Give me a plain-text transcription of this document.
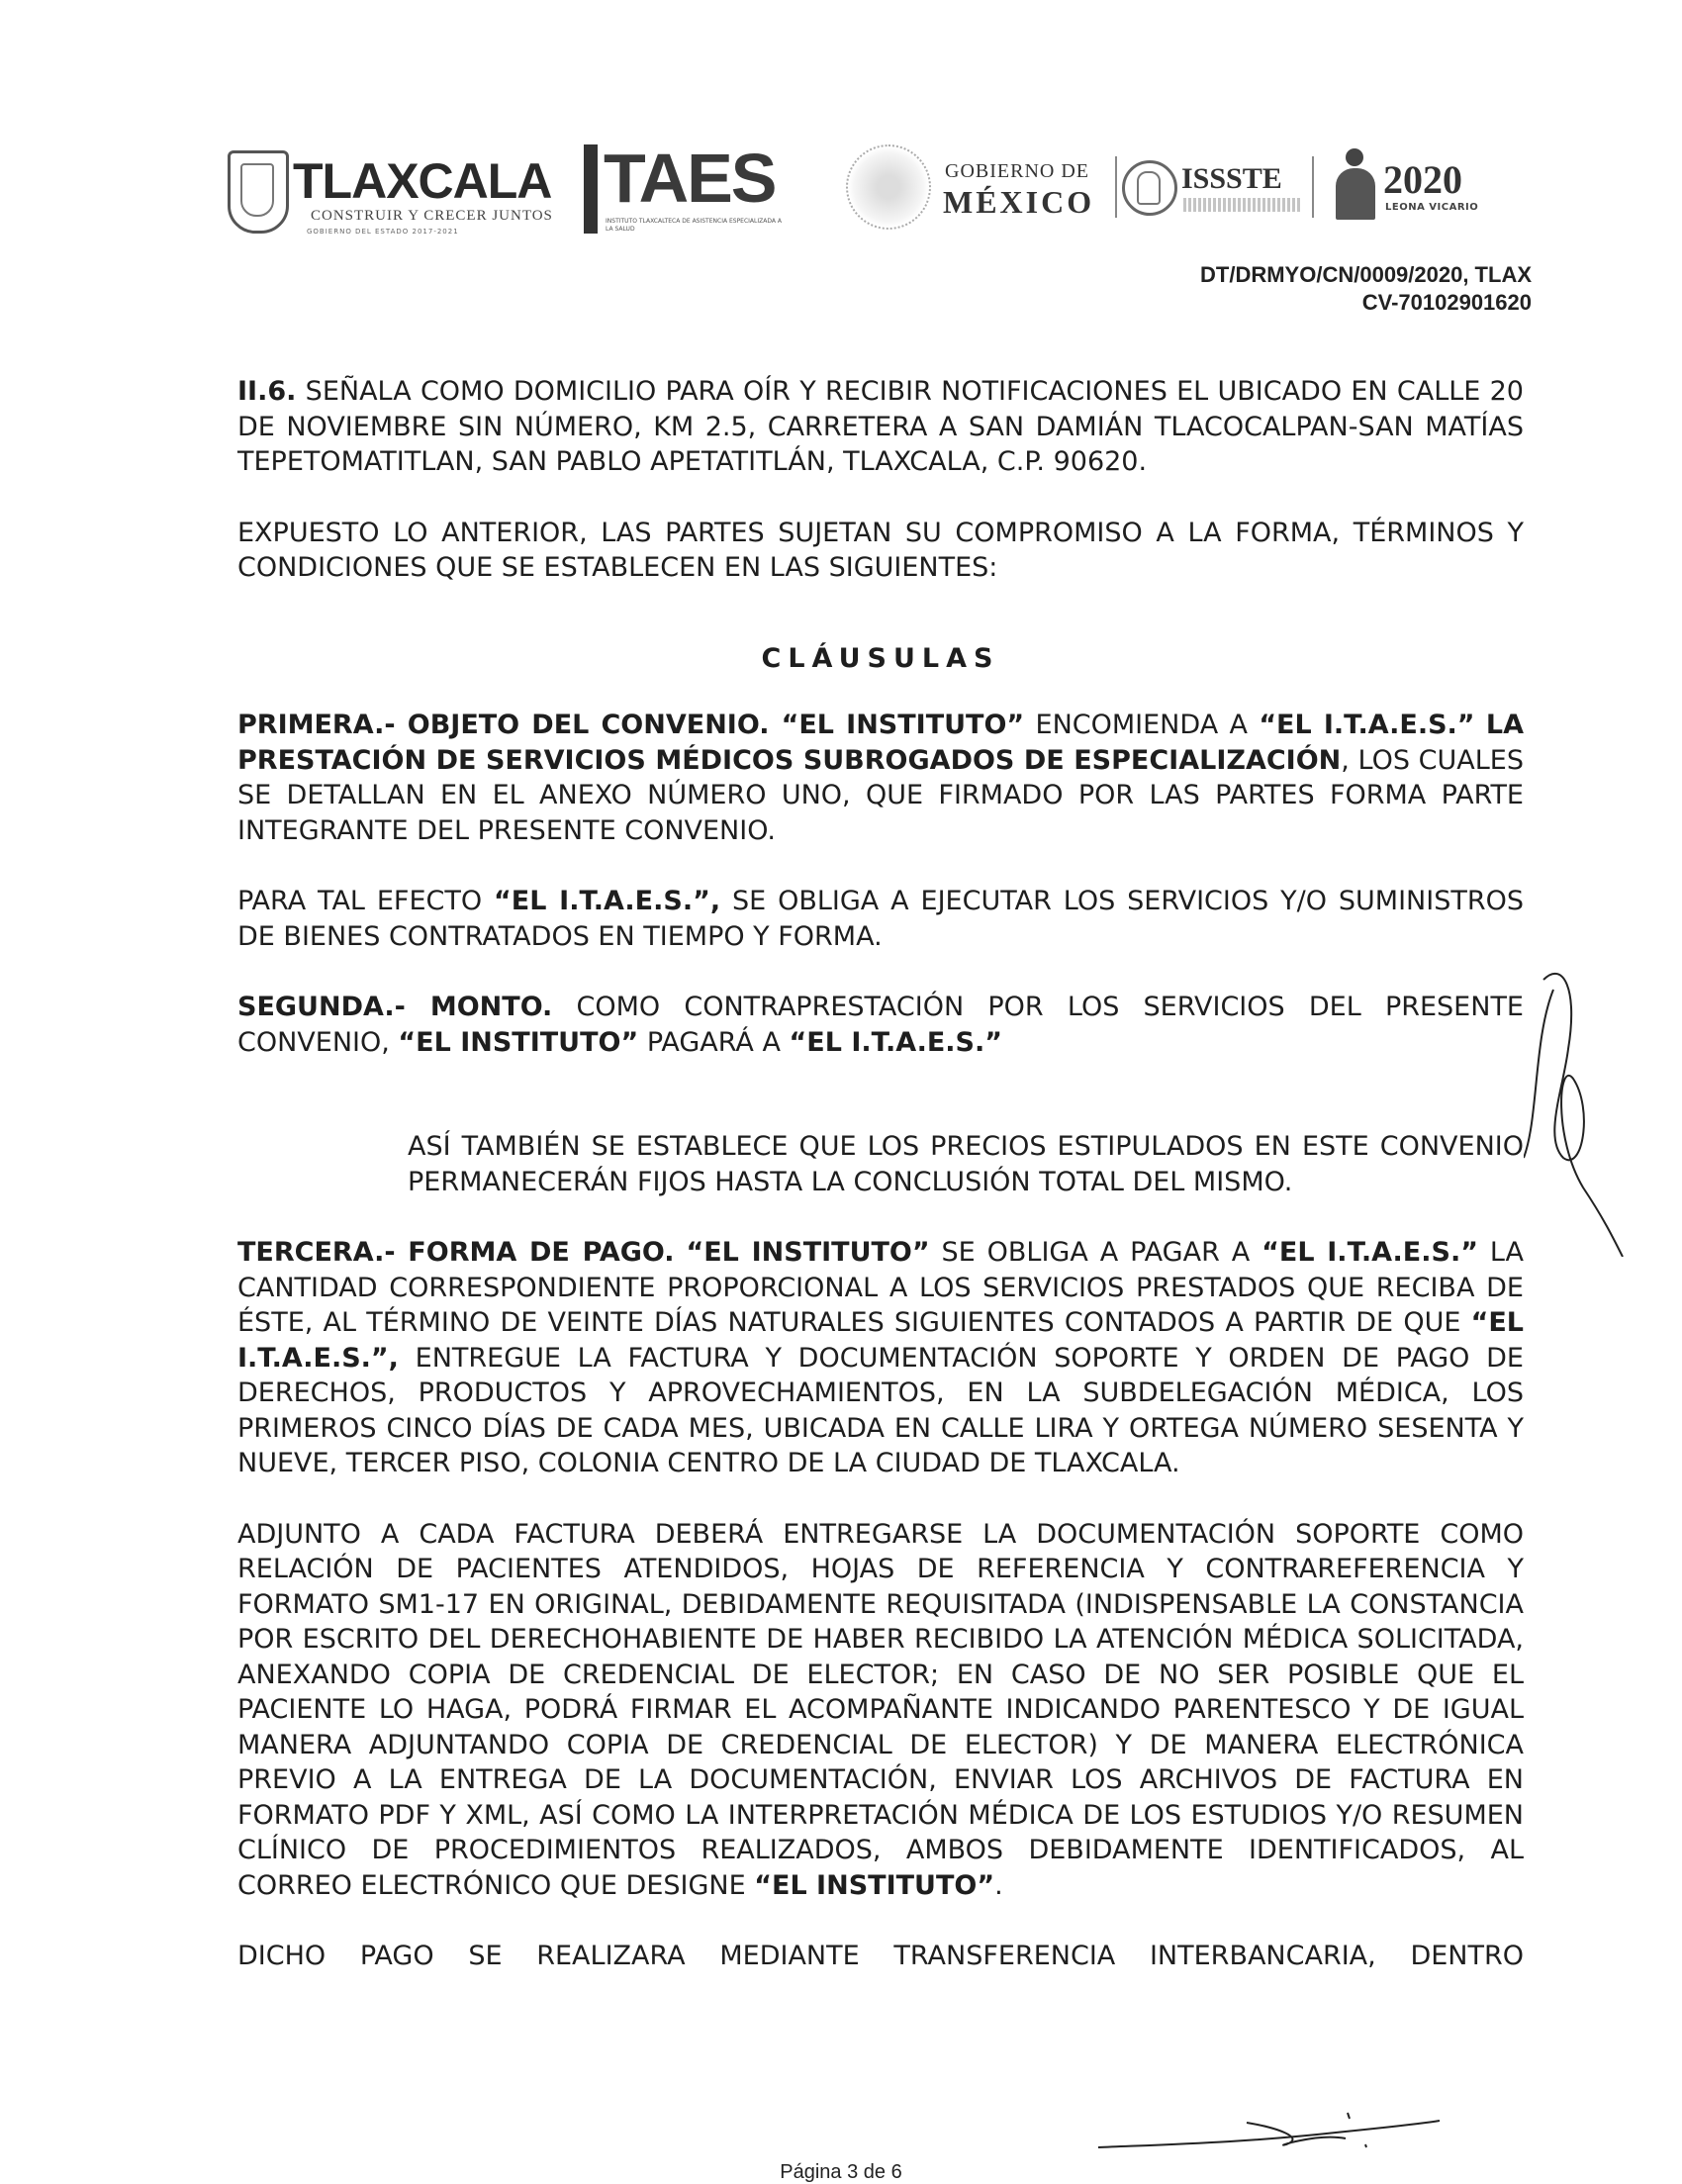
TLAXCALA
CONSTRUIR Y CRECER JUNTOS
GOBIERNO DEL ESTADO 2017-2021
TAES
INSTITUTO TLAXCALTECA DE ASISTENCIA ESPECIALIZADA A LA SALUD
GOBIERNO DE
MÉXICO
ISSSTE	2020
LEONA VICARIO
DT/DRMYO/CN/0009/2020, TLAX
CV-70102901620

II.6. SEÑALA COMO DOMICILIO PARA OÍR Y RECIBIR NOTIFICACIONES EL UBICADO EN CALLE 20 DE NOVIEMBRE SIN NÚMERO, KM 2.5, CARRETERA A SAN DAMIÁN TLACOCALPAN-SAN MATÍAS TEPETOMATITLAN, SAN PABLO APETATITLÁN, TLAXCALA, C.P. 90620.

EXPUESTO LO ANTERIOR, LAS PARTES SUJETAN SU COMPROMISO A LA FORMA, TÉRMINOS Y CONDICIONES QUE SE ESTABLECEN EN LAS SIGUIENTES:

CLÁUSULAS

PRIMERA.- OBJETO DEL CONVENIO. “EL INSTITUTO” ENCOMIENDA A “EL I.T.A.E.S.” LA PRESTACIÓN DE SERVICIOS MÉDICOS SUBROGADOS DE ESPECIALIZACIÓN, LOS CUALES SE DETALLAN EN EL ANEXO NÚMERO UNO, QUE FIRMADO POR LAS PARTES FORMA PARTE INTEGRANTE DEL PRESENTE CONVENIO.

PARA TAL EFECTO “EL I.T.A.E.S.”, SE OBLIGA A EJECUTAR LOS SERVICIOS Y/O SUMINISTROS DE BIENES CONTRATADOS EN TIEMPO Y FORMA.

SEGUNDA.- MONTO. COMO CONTRAPRESTACIÓN POR LOS SERVICIOS DEL PRESENTE CONVENIO, “EL INSTITUTO” PAGARÁ A “EL I.T.A.E.S.”

ASÍ TAMBIÉN SE ESTABLECE QUE LOS PRECIOS ESTIPULADOS EN ESTE CONVENIO PERMANECERÁN FIJOS HASTA LA CONCLUSIÓN TOTAL DEL MISMO.

TERCERA.- FORMA DE PAGO. “EL INSTITUTO” SE OBLIGA A PAGAR A “EL I.T.A.E.S.” LA CANTIDAD CORRESPONDIENTE PROPORCIONAL A LOS SERVICIOS PRESTADOS QUE RECIBA DE ÉSTE, AL TÉRMINO DE VEINTE DÍAS NATURALES SIGUIENTES CONTADOS A PARTIR DE QUE “EL I.T.A.E.S.”, ENTREGUE LA FACTURA Y DOCUMENTACIÓN SOPORTE Y ORDEN DE PAGO DE DERECHOS, PRODUCTOS Y APROVECHAMIENTOS, EN LA SUBDELEGACIÓN MÉDICA, LOS PRIMEROS CINCO DÍAS DE CADA MES, UBICADA EN CALLE LIRA Y ORTEGA NÚMERO SESENTA Y NUEVE, TERCER PISO, COLONIA CENTRO DE LA CIUDAD DE TLAXCALA.

ADJUNTO A CADA FACTURA DEBERÁ ENTREGARSE LA DOCUMENTACIÓN SOPORTE COMO RELACIÓN DE PACIENTES ATENDIDOS, HOJAS DE REFERENCIA Y CONTRAREFERENCIA Y FORMATO SM1-17 EN ORIGINAL, DEBIDAMENTE REQUISITADA (INDISPENSABLE LA CONSTANCIA POR ESCRITO DEL DERECHOHABIENTE DE HABER RECIBIDO LA ATENCIÓN MÉDICA SOLICITADA, ANEXANDO COPIA DE CREDENCIAL DE ELECTOR; EN CASO DE NO SER POSIBLE QUE EL PACIENTE LO HAGA, PODRÁ FIRMAR EL ACOMPAÑANTE INDICANDO PARENTESCO Y DE IGUAL MANERA ADJUNTANDO COPIA DE CREDENCIAL DE ELECTOR) Y DE MANERA ELECTRÓNICA PREVIO A LA ENTREGA DE LA DOCUMENTACIÓN, ENVIAR LOS ARCHIVOS DE FACTURA EN FORMATO PDF Y XML, ASÍ COMO LA INTERPRETACIÓN MÉDICA DE LOS ESTUDIOS Y/O RESUMEN CLÍNICO DE PROCEDIMIENTOS REALIZADOS, AMBOS DEBIDAMENTE IDENTIFICADOS, AL CORREO ELECTRÓNICO QUE DESIGNE “EL INSTITUTO”.

DICHO PAGO SE REALIZARA MEDIANTE TRANSFERENCIA INTERBANCARIA, DENTRO

Página 3 de 6
